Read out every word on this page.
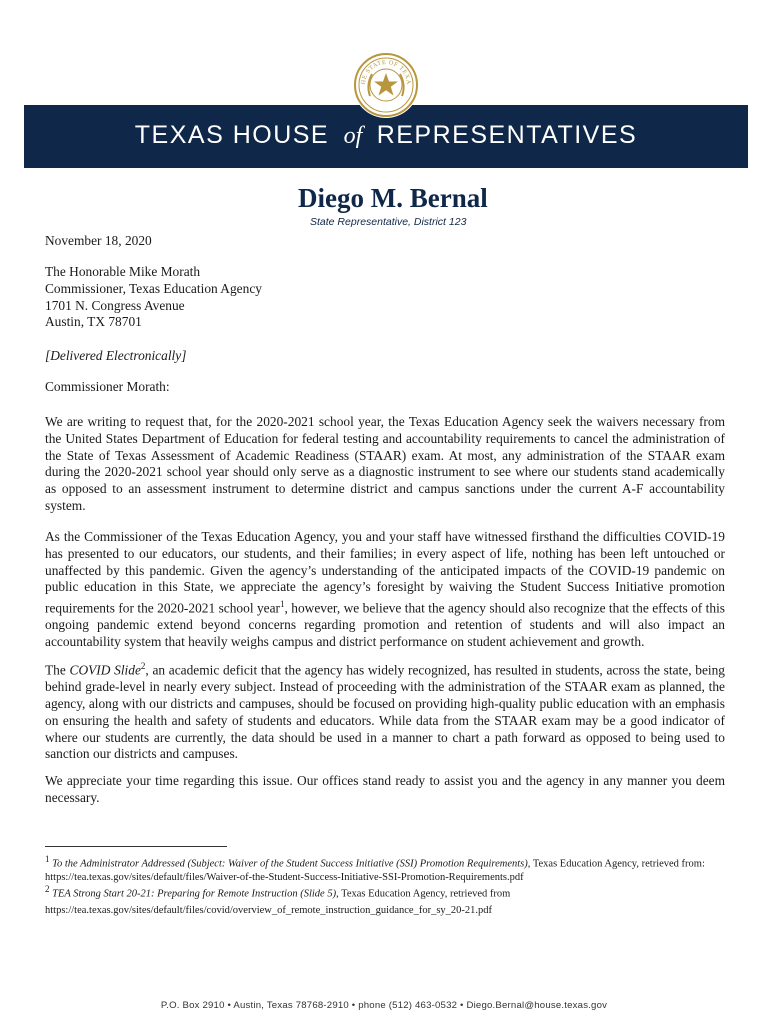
TEXAS HOUSE of REPRESENTATIVES
HE STATE OF TEXA
Diego M. Bernal
State Representative, District 123
November 18, 2020
The Honorable Mike Morath
Commissioner, Texas Education Agency
1701 N. Congress Avenue
Austin, TX 78701
[Delivered Electronically]
Commissioner Morath:
We are writing to request that, for the 2020-2021 school year, the Texas Education Agency seek the waivers necessary from the United States Department of Education for federal testing and accountability requirements to cancel the administration of the State of Texas Assessment of Academic Readiness (STAAR) exam. At most, any administration of the STAAR exam during the 2020-2021 school year should only serve as a diagnostic instrument to see where our students stand academically as opposed to an assessment instrument to determine district and campus sanctions under the current A-F accountability system.
As the Commissioner of the Texas Education Agency, you and your staff have witnessed firsthand the difficulties COVID-19 has presented to our educators, our students, and their families; in every aspect of life, nothing has been left untouched or unaffected by this pandemic. Given the agency’s understanding of the anticipated impacts of the COVID-19 pandemic on public education in this State, we appreciate the agency’s foresight by waiving the Student Success Initiative promotion requirements for the 2020-2021 school year$^1$, however, we believe that the agency should also recognize that the effects of this ongoing pandemic extend beyond concerns regarding promotion and retention of students and will also impact an accountability system that heavily weighs campus and district performance on student achievement and growth.
The COVID Slide$^2$, an academic deficit that the agency has widely recognized, has resulted in students, across the state, being behind grade-level in nearly every subject. Instead of proceeding with the administration of the STAAR exam as planned, the agency, along with our districts and campuses, should be focused on providing high-quality public education with an emphasis on ensuring the health and safety of students and educators. While data from the STAAR exam may be a good indicator of where our students are currently, the data should be used in a manner to chart a path forward as opposed to being used to sanction our districts and campuses.
We appreciate your time regarding this issue. Our offices stand ready to assist you and the agency in any manner you deem necessary.
$^1$ To the Administrator Addressed (Subject: Waiver of the Student Success Initiative (SSI) Promotion Requirements), Texas Education Agency, retrieved from: https://tea.texas.gov/sites/default/files/Waiver-of-the-Student-Success-Initiative-SSI-Promotion-Requirements.pdf
$^2$ TEA Strong Start 20-21: Preparing for Remote Instruction (Slide 5), Texas Education Agency, retrieved from
https://tea.texas.gov/sites/default/files/covid/overview_of_remote_instruction_guidance_for_sy_20-21.pdf
P.O. Box 2910 • Austin, Texas 78768-2910 • phone (512) 463-0532 • Diego.Bernal@house.texas.gov
